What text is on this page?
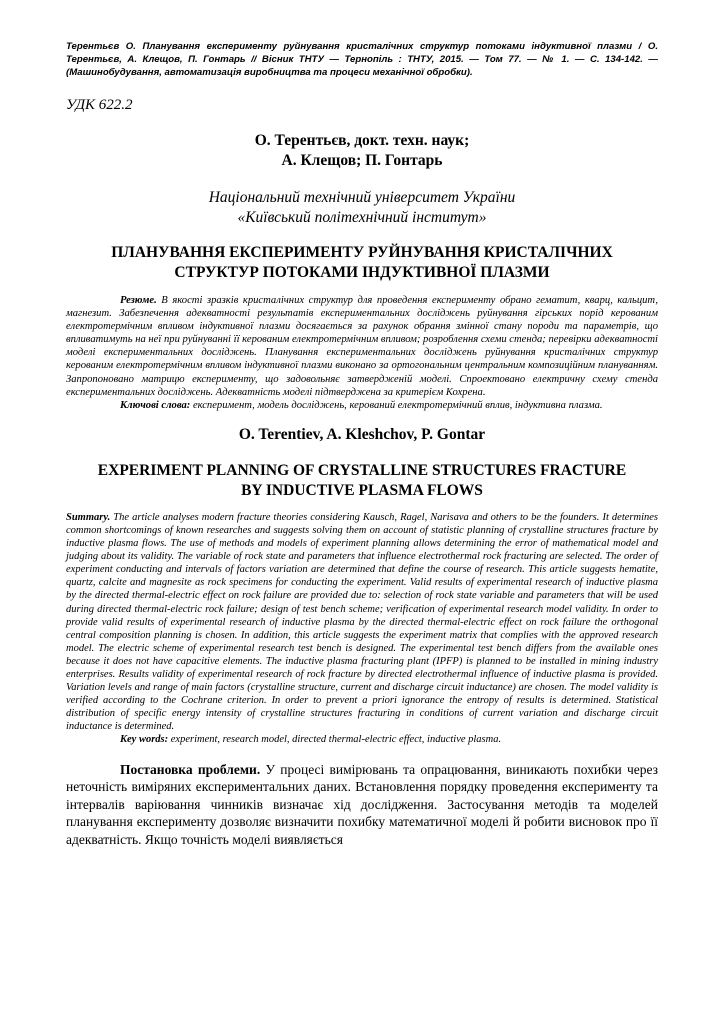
Терентьєв О. Планування експерименту руйнування кристалічних структур потоками індуктивної плазми / О. Терентьєв, А. Клещов, П. Гонтарь // Вісник ТНТУ — Тернопіль : ТНТУ, 2015. — Том 77. — № 1. — С. 134-142. — (Машинобудування, автоматизація виробництва та процеси механічної обробки).

УДК 622.2

О. Терентьєв, докт. техн. наук;
А. Клещов; П. Гонтарь
Національний технічний університет України
«Київський політехнічний інститут»
ПЛАНУВАННЯ ЕКСПЕРИМЕНТУ РУЙНУВАННЯ КРИСТАЛІЧНИХ
СТРУКТУР ПОТОКАМИ ІНДУКТИВНОЇ ПЛАЗМИ

Резюме. В якості зразків кристалічних структур для проведення експерименту обрано гематит, кварц, кальцит, магнезит. Забезпечення адекватності результатів експериментальних досліджень руйнування гірських порід керованим електротермічним впливом індуктивної плазми досягається за рахунок обрання змінної стану породи та параметрів, що впливатимуть на неї при руйнуванні її керованим електротермічним впливом; розроблення схеми стенда; перевірки адекватності моделі експериментальних досліджень. Планування експериментальних досліджень руйнування кристалічних структур керованим електротермічним впливом індуктивної плазми виконано за ортогональним центральним композиційним плануванням. Запропоновано матрицю експерименту, що задовольняє затвердженій моделі. Спроектовано електричну схему стенда експериментальних досліджень. Адекватність моделі підтверджена за критерієм Кохрена.

Ключові слова: експеримент, модель досліджень, керований електротермічний вплив, індуктивна плазма.

O. Terentiev, A. Kleshchov, P. Gontar
EXPERIMENT PLANNING OF CRYSTALLINE STRUCTURES FRACTURE
BY INDUCTIVE PLASMA FLOWS

Summary. The article analyses modern fracture theories considering Kausch, Ragel, Narisava and others to be the founders. It determines common shortcomings of known researches and suggests solving them on account of statistic planning of crystalline structures fracture by inductive plasma flows. The use of methods and models of experiment planning allows determining the error of mathematical model and judging about its validity. The variable of rock state and parameters that influence electrothermal rock fracturing are selected. The order of experiment conducting and intervals of factors variation are determined that define the course of research. This article suggests hematite, quartz, calcite and magnesite as rock specimens for conducting the experiment. Valid results of experimental research of inductive plasma by the directed thermal-electric effect on rock failure are provided due to: selection of rock state variable and parameters that will be used during directed thermal-electric rock failure; design of test bench scheme; verification of experimental research model validity. In order to provide valid results of experimental research of inductive plasma by the directed thermal-electric effect on rock failure the orthogonal central composition planning is chosen. In addition, this article suggests the experiment matrix that complies with the approved research model. The electric scheme of experimental research test bench is designed. The experimental test bench differs from the available ones because it does not have capacitive elements. The inductive plasma fracturing plant (IPFP) is planned to be installed in mining industry enterprises. Results validity of experimental research of rock fracture by directed electrothermal influence of inductive plasma is provided. Variation levels and range of main factors (crystalline structure, current and discharge circuit inductance) are chosen. The model validity is verified according to the Cochrane criterion. In order to prevent a priori ignorance the entropy of results is determined. Statistical distribution of specific energy intensity of crystalline structures fracturing in conditions of current variation and discharge circuit inductance is determined.

Key words: experiment, research model, directed thermal-electric effect, inductive plasma.

Постановка проблеми. У процесі вимірювань та опрацювання, виникають похибки через неточність виміряних експериментальних даних. Встановлення порядку проведення експерименту та інтервалів варіювання чинників визначає хід дослідження. Застосування методів та моделей планування експерименту дозволяє визначити похибку математичної моделі й робити висновок про її адекватність. Якщо точність моделі виявляється
